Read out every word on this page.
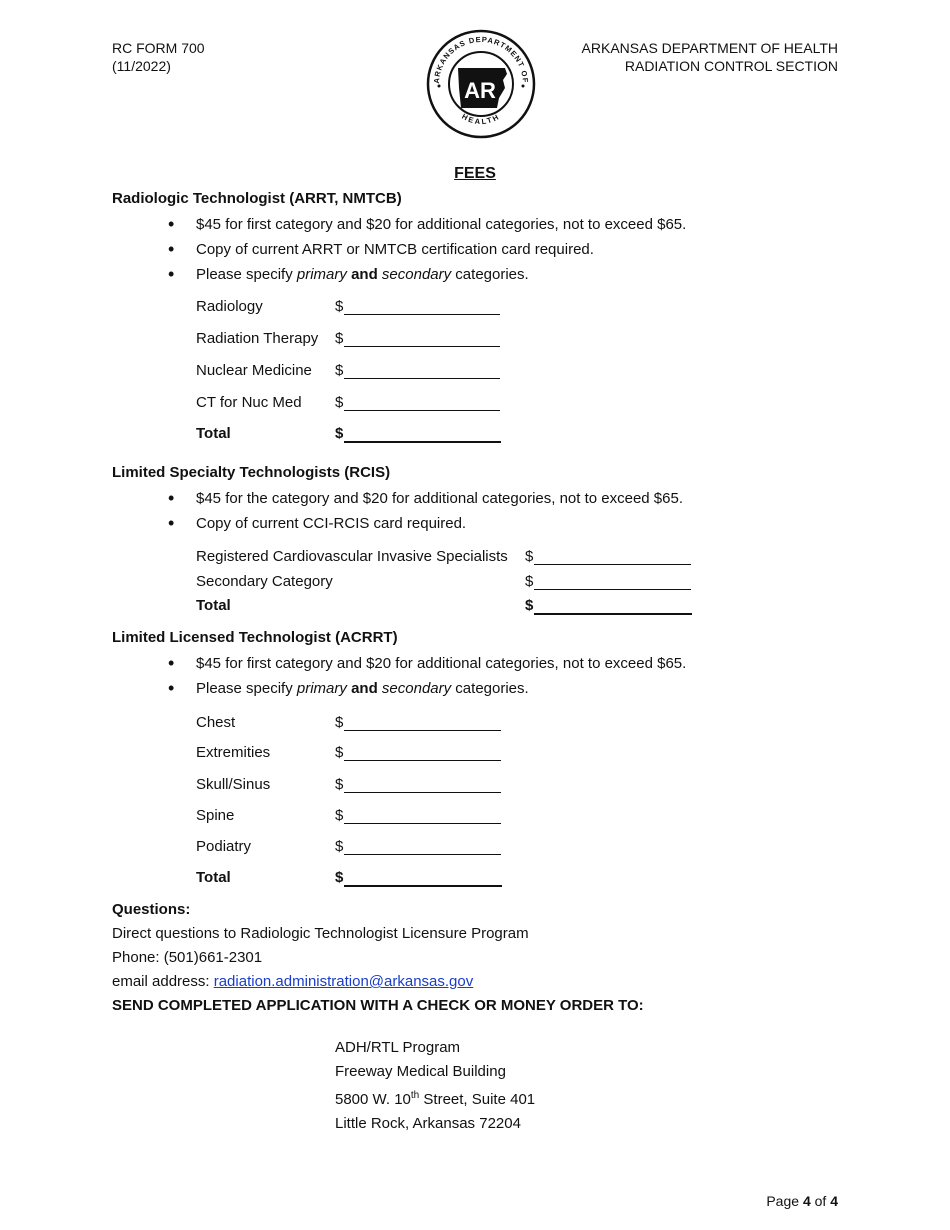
RC FORM 700
(11/2022)
ARKANSAS DEPARTMENT OF
HEALTH
AR
ARKANSAS DEPARTMENT OF HEALTH
RADIATION CONTROL SECTION
FEES
Radiologic Technologist (ARRT, NMTCB)
• $45 for first category and $20 for additional categories, not to exceed $65.
• Copy of current ARRT or NMTCB certification card required.
• Please specify primary and secondary categories.
Radiology	$
Radiation Therapy $
Nuclear Medicine $
CT for Nuc Med $
Total	$
Limited Specialty Technologists (RCIS)
• $45 for the category and $20 for additional categories, not to exceed $65.
• Copy of current CCI-RCIS card required.
Registered Cardiovascular Invasive Specialists $
Secondary Category	$
Total	$
Limited Licensed Technologist (ACRRT)
• $45 for first category and $20 for additional categories, not to exceed $65.
• Please specify primary and secondary categories.
Chest	$
Extremities	$
Skull/Sinus	$
Spine	$
Podiatry	$
Total	$
Questions:
Direct questions to Radiologic Technologist Licensure Program
Phone: (501)661-2301
email address: radiation.administration@arkansas.gov
SEND COMPLETED APPLICATION WITH A CHECK OR MONEY ORDER TO:
ADH/RTL Program
Freeway Medical Building
5800 W. 10th Street, Suite 401
Little Rock, Arkansas 72204
Page 4 of 4
